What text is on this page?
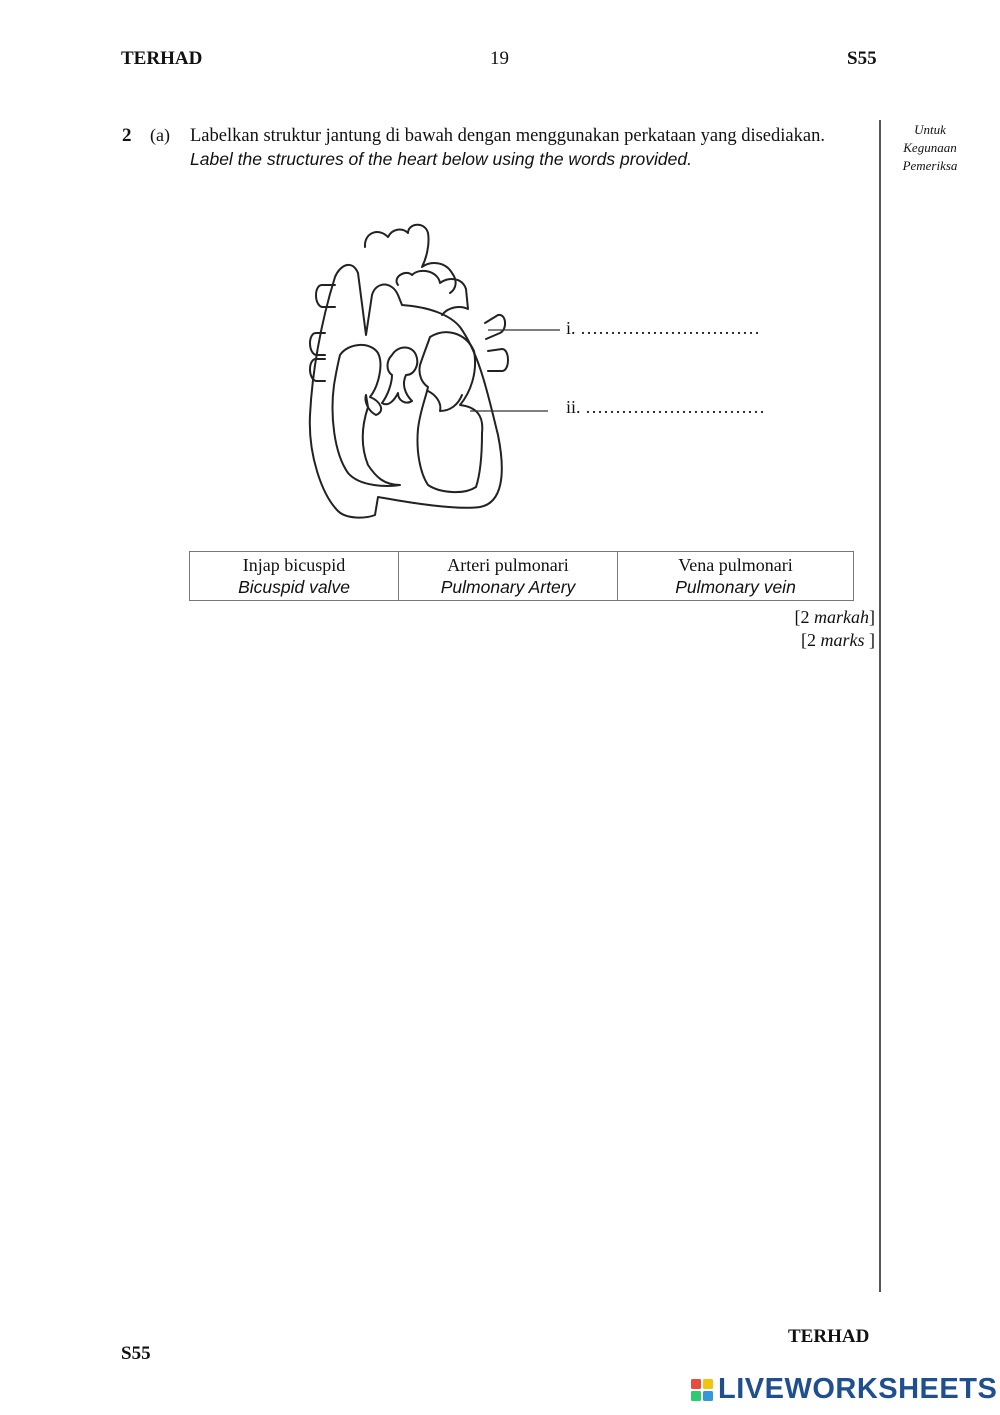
TERHAD	19	S55
Untuk
Kegunaan
Pemeriksa
2 (a) Labelkan struktur jantung di bawah dengan menggunakan perkataan yang disediakan.
Label the structures of the heart below using the words provided.
i. …………………………
ii. …………………………
Injap bicuspid
Bicuspid valve

Arteri pulmonari
Pulmonary Artery

Vena pulmonari
Pulmonary vein
[2 markah]
[2 marks ]
TERHAD
S55
LIVEWORKSHEETS
